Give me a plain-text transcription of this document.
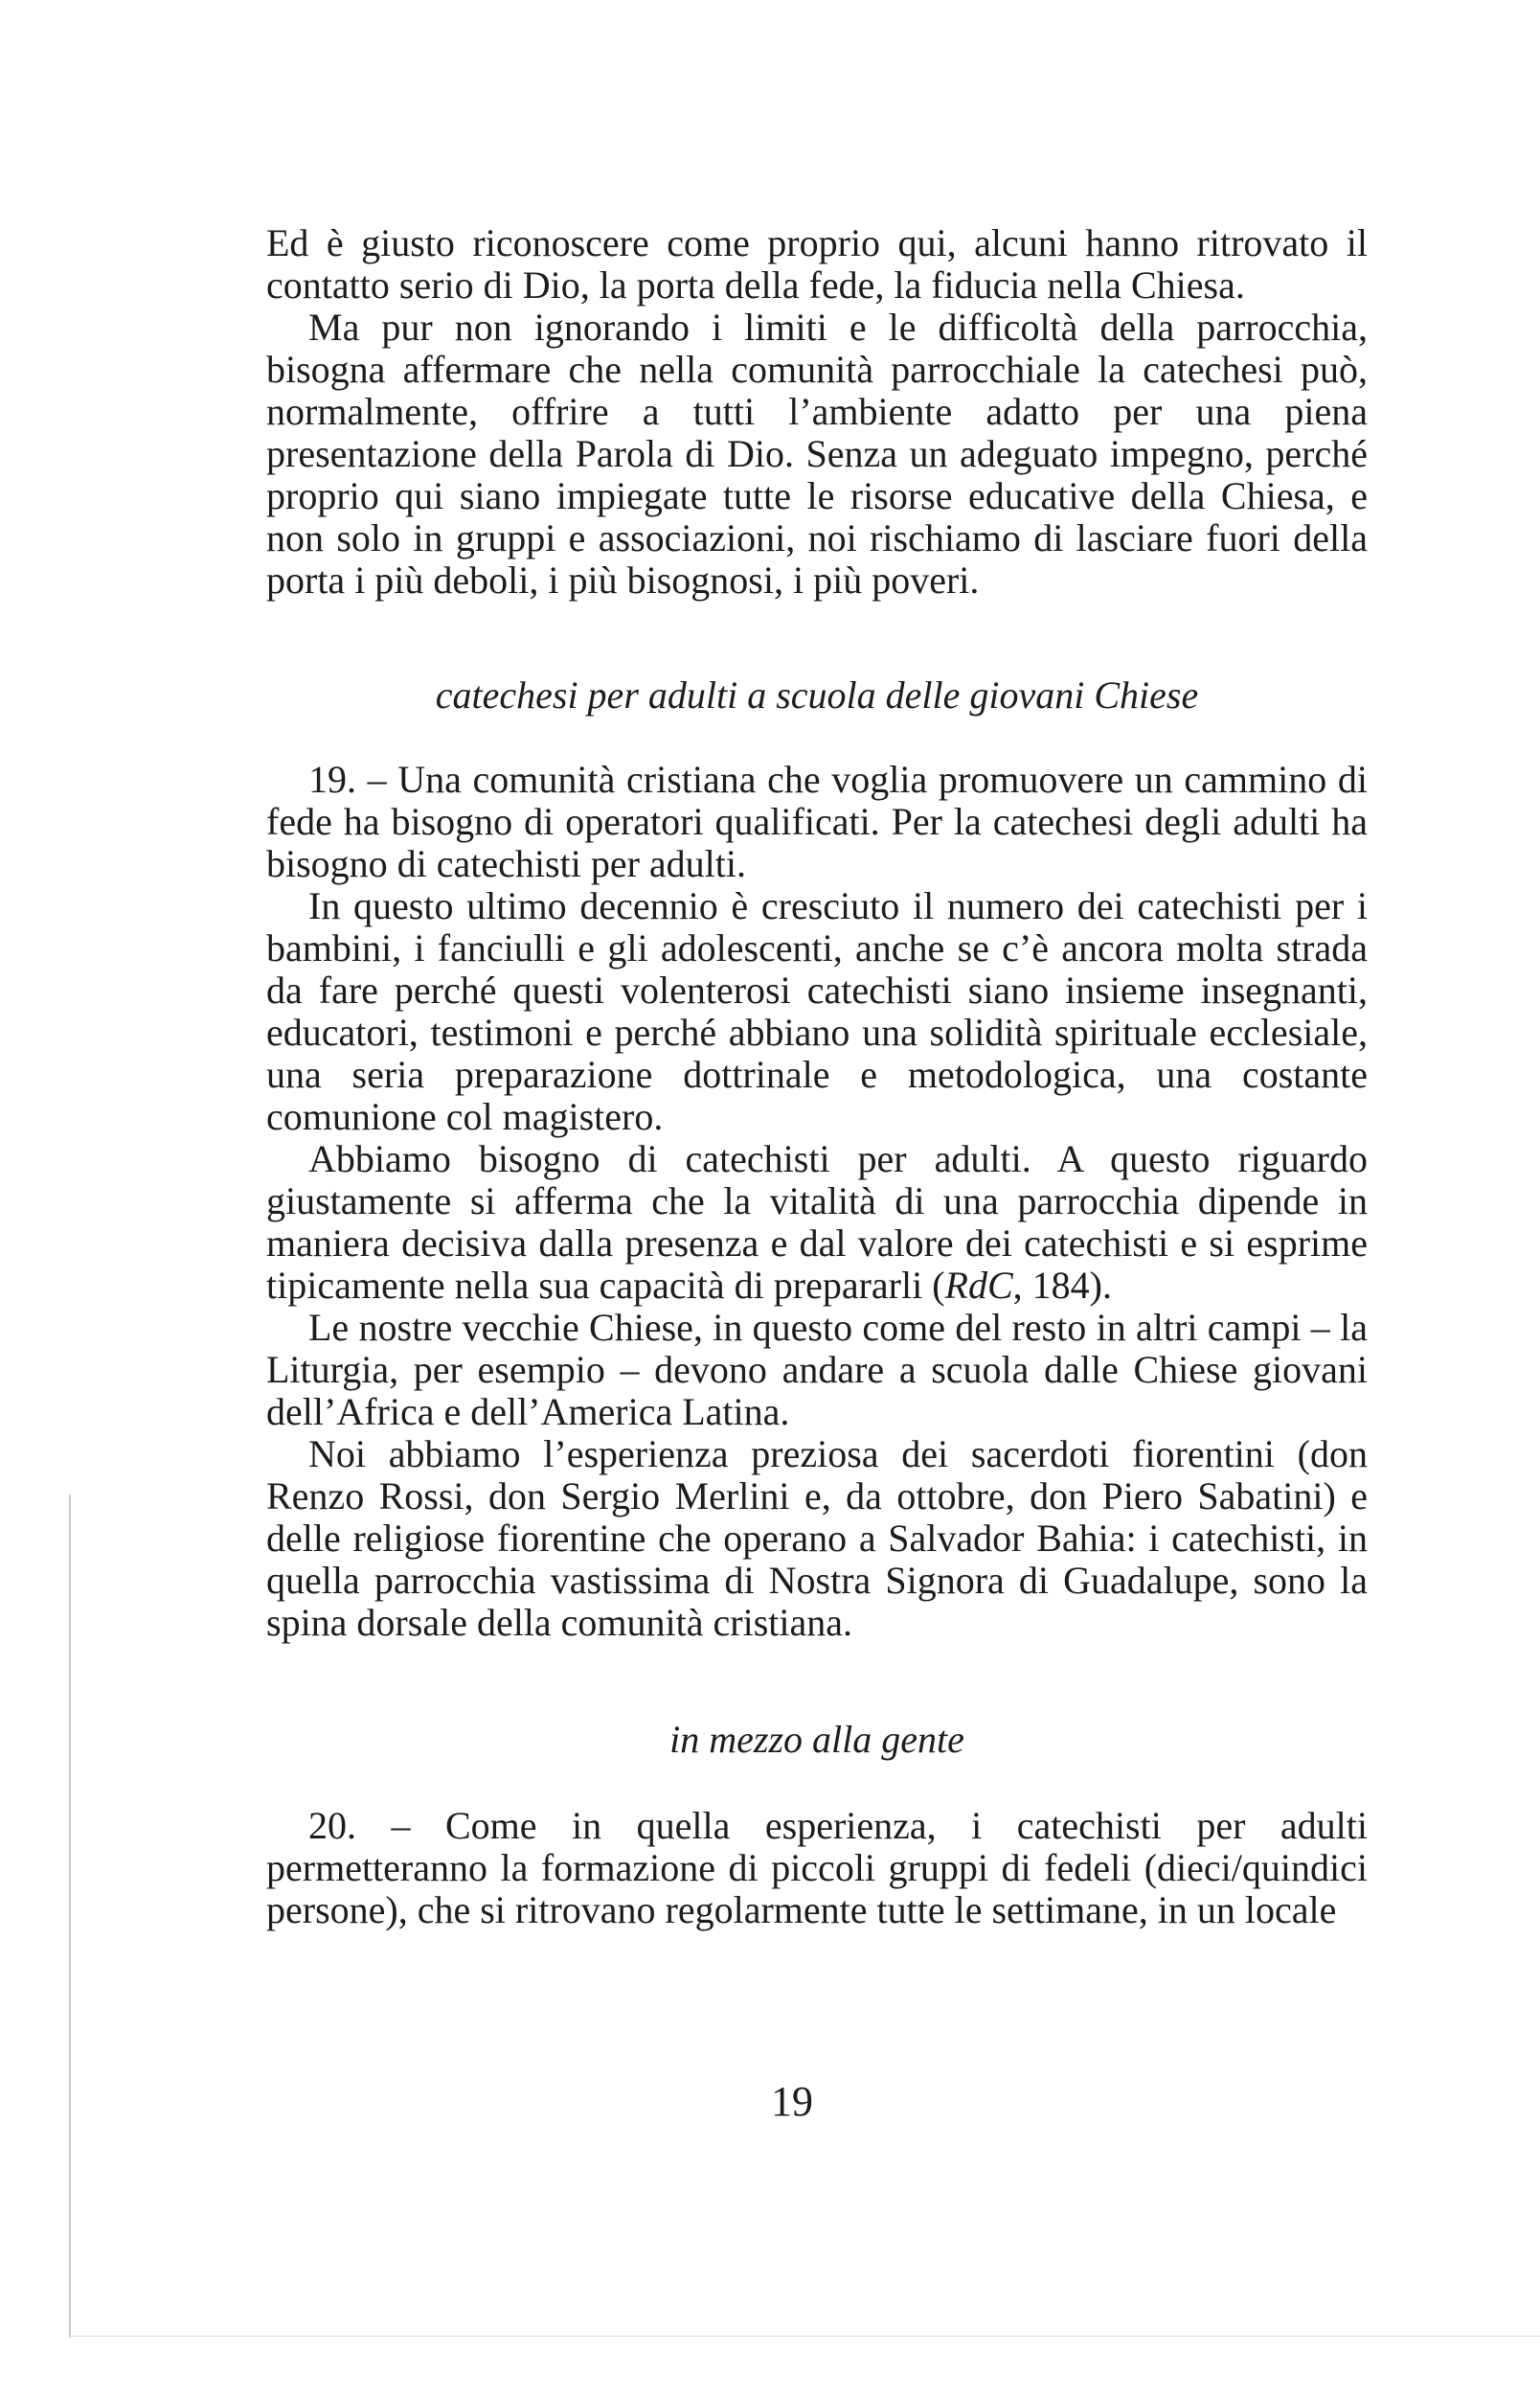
Ed è giusto riconoscere come proprio qui, alcuni hanno ritrovato il contatto serio di Dio, la porta della fede, la fiducia nella Chiesa.

Ma pur non ignorando i limiti e le difficoltà della parrocchia, bisogna affermare che nella comunità parrocchiale la catechesi può, normalmente, offrire a tutti l’ambiente adatto per una piena presentazione della Parola di Dio. Senza un adeguato impegno, perché proprio qui siano impiegate tutte le risorse educative della Chiesa, e non solo in gruppi e associazioni, noi rischiamo di lasciare fuori della porta i più deboli, i più bisognosi, i più poveri.

catechesi per adulti a scuola delle giovani Chiese

19. – Una comunità cristiana che voglia promuovere un cammino di fede ha bisogno di operatori qualificati. Per la catechesi degli adulti ha bisogno di catechisti per adulti.

In questo ultimo decennio è cresciuto il numero dei catechisti per i bambini, i fanciulli e gli adolescenti, anche se c’è ancora molta strada da fare perché questi volenterosi catechisti siano insieme insegnanti, educatori, testimoni e perché abbiano una solidità spirituale ecclesiale, una seria preparazione dottrinale e metodologica, una costante comunione col magistero.

Abbiamo bisogno di catechisti per adulti. A questo riguardo giustamente si afferma che la vitalità di una parrocchia dipende in maniera decisiva dalla presenza e dal valore dei catechisti e si esprime tipicamente nella sua capacità di prepararli (RdC, 184).

Le nostre vecchie Chiese, in questo come del resto in altri campi – la Liturgia, per esempio – devono andare a scuola dalle Chiese giovani dell’Africa e dell’America Latina.

Noi abbiamo l’esperienza preziosa dei sacerdoti fiorentini (don Renzo Rossi, don Sergio Merlini e, da ottobre, don Piero Sabatini) e delle religiose fiorentine che operano a Salvador Bahia: i catechisti, in quella parrocchia vastissima di Nostra Signora di Guadalupe, sono la spina dorsale della comunità cristiana.

in mezzo alla gente

20. – Come in quella esperienza, i catechisti per adulti permetteranno la formazione di piccoli gruppi di fedeli (dieci/quindici persone), che si ritrovano regolarmente tutte le settimane, in un locale

19
